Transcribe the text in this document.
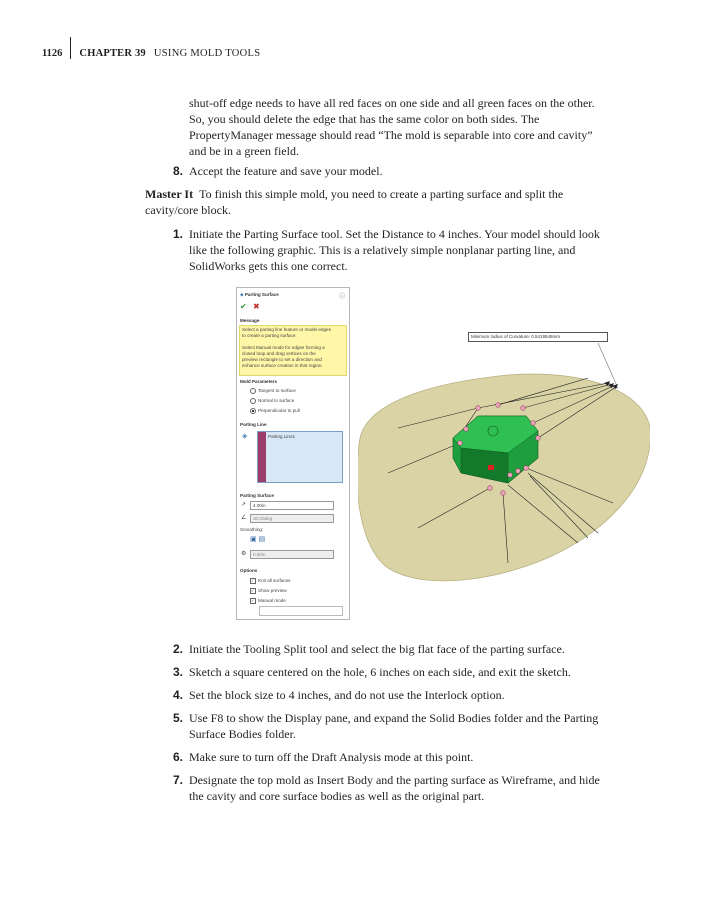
1126 CHAPTER 39 USING MOLD TOOLS
shut-off edge needs to have all red faces on one side and all green faces on the other.
So, you should delete the edge that has the same color on both sides. The
PropertyManager message should read “The mold is separable into core and cavity”
and be in a green field.
8. Accept the feature and save your model.
Master It To finish this simple mold, you need to create a parting surface and split the
cavity/core block.
1. Initiate the Parting Surface tool. Set the Distance to 4 inches. Your model should look
like the following graphic. This is a relatively simple nonplanar parting line, and
SolidWorks gets this one correct.
◆ Parting Surface	ⓘ
✔ ✖
Message
Select a parting line feature or model edges
to create a parting surface.
Select Manual mode for edges forming a
closed loop and drag vertices on the
preview rectangle to set a direction and
enhance surface creation in that region.
Mold Parameters
Tangent to surface
Normal to surface
Perpendicular to pull
Parting Line
◈	Parting Line1
Parting Surface
↗ 4.00in
∠ 30.00deg
Smoothing:
▣ ▤
⚙ 0.50in
Options
✓ Knit all surfaces
✓ Show preview
✓ Manual mode
Minimum radius of Curvature: 0.5419545mm
2. Initiate the Tooling Split tool and select the big flat face of the parting surface.
3. Sketch a square centered on the hole, 6 inches on each side, and exit the sketch.
4. Set the block size to 4 inches, and do not use the Interlock option.
5. Use F8 to show the Display pane, and expand the Solid Bodies folder and the Parting
Surface Bodies folder.
6. Make sure to turn off the Draft Analysis mode at this point.
7. Designate the top mold as Insert Body and the parting surface as Wireframe, and hide
the cavity and core surface bodies as well as the original part.
